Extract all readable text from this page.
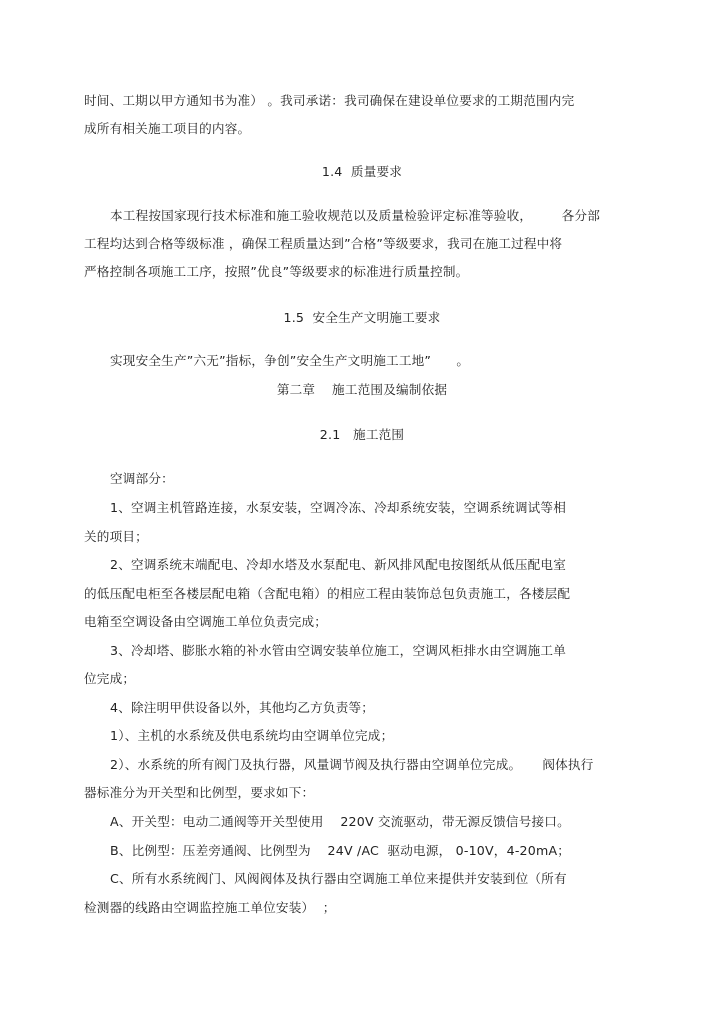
时间、工期以甲方通知书为准） 。我司承诺：我司确保在建设单位要求的工期范围内完
成所有相关施工项目的内容。
1.4  质量要求
本工程按国家现行技术标准和施工验收规范以及质量检验评定标准等验收，       各分部
工程均达到合格等级标准 ，确保工程质量达到”合格”等级要求，我司在施工过程中将
严格控制各项施工工序，按照”优良”等级要求的标准进行质量控制。
1.5  安全生产文明施工要求
实现安全生产”六无”指标，争创”安全生产文明施工工地”      。
第二章    施工范围及编制依据
2.1   施工范围
空调部分：
1、空调主机管路连接，水泵安装，空调冷冻、冷却系统安装，空调系统调试等相
关的项目；
2、空调系统末端配电、冷却水塔及水泵配电、新风排风配电按图纸从低压配电室
的低压配电柜至各楼层配电箱（含配电箱）的相应工程由装饰总包负责施工，各楼层配
电箱至空调设备由空调施工单位负责完成；
3、冷却塔、膨胀水箱的补水管由空调安装单位施工，空调风柜排水由空调施工单
位完成；
4、除注明甲供设备以外，其他均乙方负责等；
1）、主机的水系统及供电系统均由空调单位完成；
2）、水系统的所有阀门及执行器，风量调节阀及执行器由空调单位完成。     阀体执行
器标准分为开关型和比例型，要求如下：
A、开关型：电动二通阀等开关型使用    220V 交流驱动，带无源反馈信号接口。
B、比例型：压差旁通阀、比例型为    24V /AC  驱动电源， 0-10V，4-20mA；
C、所有水系统阀门、风阀阀体及执行器由空调施工单位来提供并安装到位（所有
检测器的线路由空调监控施工单位安装）  ；
